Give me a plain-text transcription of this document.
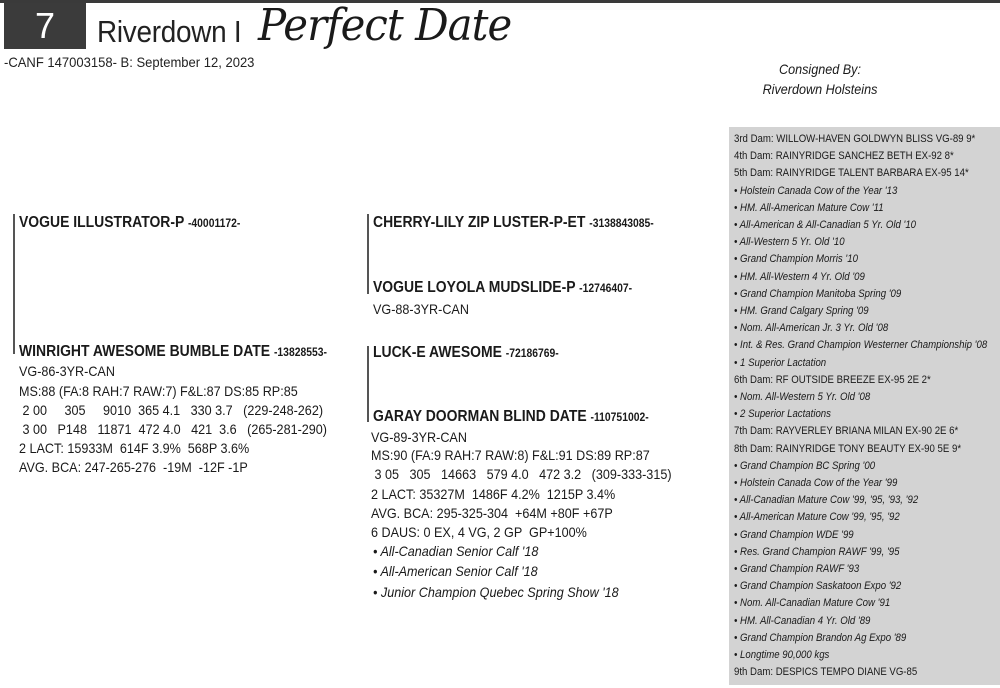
7	Riverdown I Perfect Date
-CANF 147003158- B: September 12, 2023	Consigned By:
Riverdown Holsteins
VOGUE ILLUSTRATOR-P -40001172-	CHERRY-LILY ZIP LUSTER-P-ET -3138843085-
VOGUE LOYOLA MUDSLIDE-P -12746407-
VG-88-3YR-CAN
WINRIGHT AWESOME BUMBLE DATE -13828553-
VG-86-3YR-CAN
MS:88 (FA:8 RAH:7 RAW:7) F&L:87 DS:85 RP:85
2 00     305     9010  365 4.1   330 3.7   (229-248-262)
3 00   P148   11871  472 4.0   421  3.6   (265-281-290)
2 LACT: 15933M  614F 3.9%  568P 3.6%
AVG. BCA: 247-265-276  -19M  -12F -1P
LUCK-E AWESOME -72186769-
GARAY DOORMAN BLIND DATE -110751002-
VG-89-3YR-CAN
MS:90 (FA:9 RAH:7 RAW:8) F&L:91 DS:89 RP:87
3 05   305   14663   579 4.0   472 3.2   (309-333-315)
2 LACT: 35327M  1486F 4.2%  1215P 3.4%
AVG. BCA: 295-325-304  +64M +80F +67P
6 DAUS: 0 EX, 4 VG, 2 GP  GP+100%
• All-Canadian Senior Calf '18
• All-American Senior Calf '18
• Junior Champion Quebec Spring Show '18
3rd Dam: WILLOW-HAVEN GOLDWYN BLISS VG-89 9*
4th Dam: RAINYRIDGE SANCHEZ BETH EX-92 8*
5th Dam: RAINYRIDGE TALENT BARBARA EX-95 14*
• Holstein Canada Cow of the Year '13
• HM. All-American Mature Cow '11
• All-American & All-Canadian 5 Yr. Old '10
• All-Western 5 Yr. Old '10
• Grand Champion Morris '10
• HM. All-Western 4 Yr. Old '09
• Grand Champion Manitoba Spring '09
• HM. Grand Calgary Spring '09
• Nom. All-American Jr. 3 Yr. Old '08
• Int. & Res. Grand Champion Westerner Championship '08
• 1 Superior Lactation
6th Dam: RF OUTSIDE BREEZE EX-95 2E 2*
• Nom. All-Western 5 Yr. Old '08
• 2 Superior Lactations
7th Dam: RAYVERLEY BRIANA MILAN EX-90 2E 6*
8th Dam: RAINYRIDGE TONY BEAUTY EX-90 5E 9*
• Grand Champion BC Spring '00
• Holstein Canada Cow of the Year '99
• All-Canadian Mature Cow '99, '95, '93, '92
• All-American Mature Cow '99, '95, '92
• Grand Champion WDE '99
• Res. Grand Champion RAWF '99, '95
• Grand Champion RAWF '93
• Grand Champion Saskatoon Expo '92
• Nom. All-Canadian Mature Cow '91
• HM. All-Canadian 4 Yr. Old '89
• Grand Champion Brandon Ag Expo '89
• Longtime 90,000 kgs
9th Dam: DESPICS TEMPO DIANE VG-85
